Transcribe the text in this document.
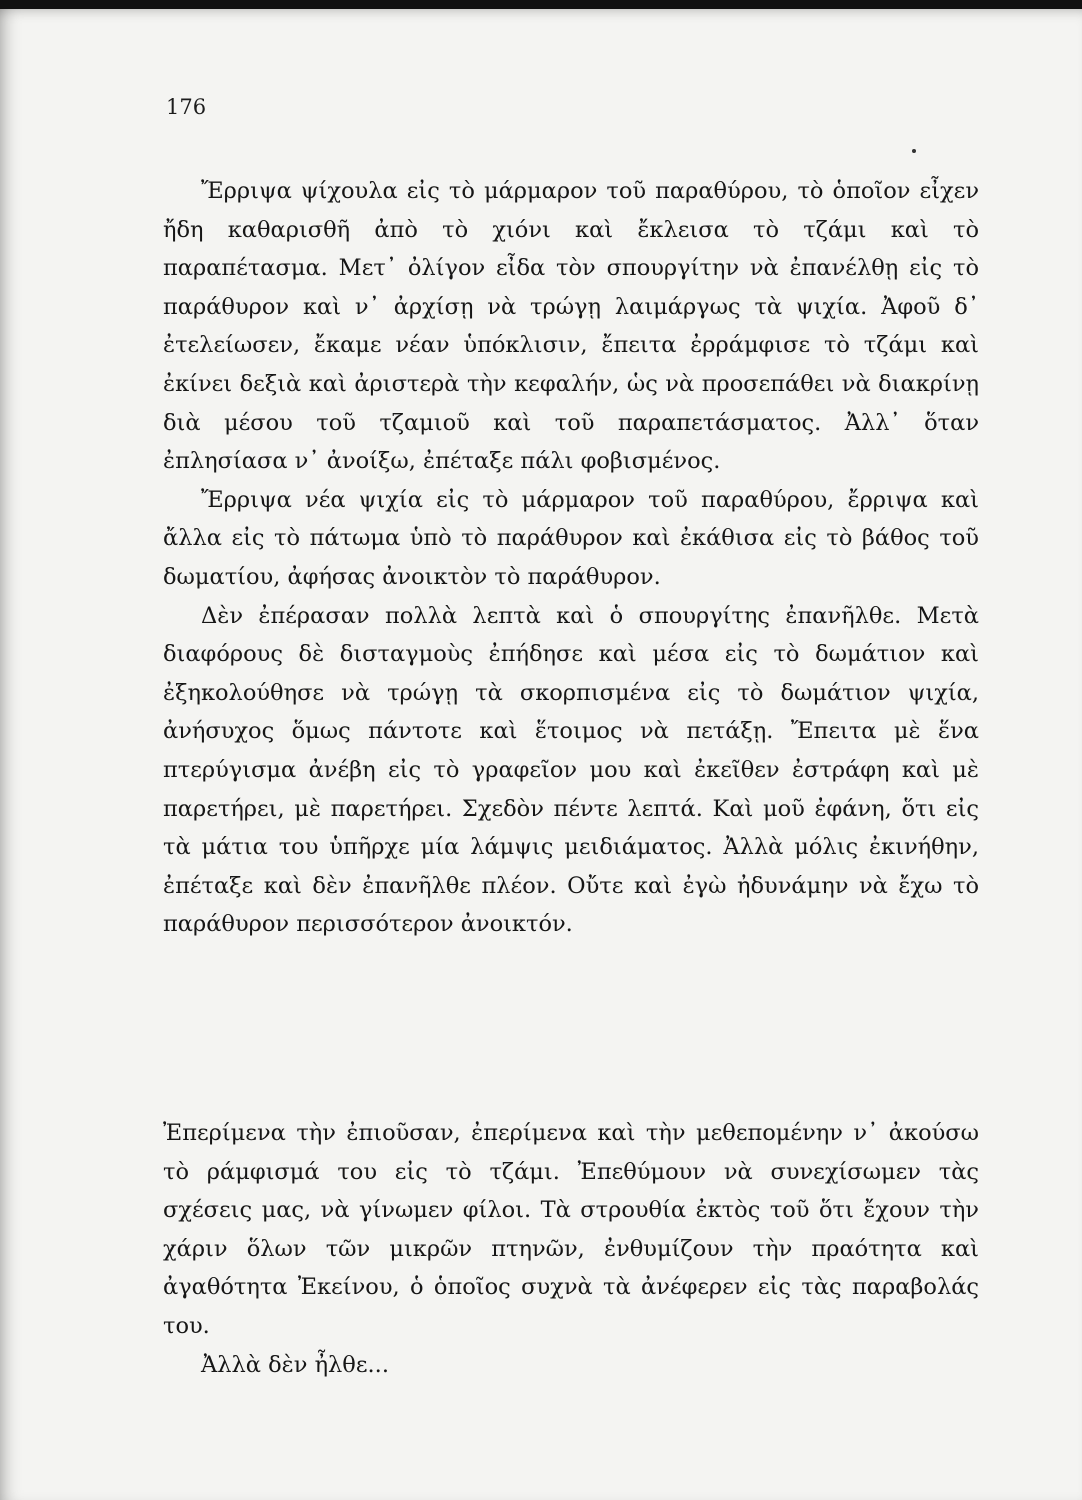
176

Ἔρριψα ψίχουλα εἰς τὸ μάρμαρον τοῦ παραθύρου, τὸ ὁποῖον εἶχεν ἤδη καθαρισθῆ ἀπὸ τὸ χιόνι καὶ ἔκλεισα τὸ τζάμι καὶ τὸ παραπέτασμα. Μετ᾽ ὀλίγον εἶδα τὸν σπουργίτην νὰ ἐπανέλθῃ εἰς τὸ παράθυρον καὶ ν᾽ ἀρχίσῃ νὰ τρώγῃ λαιμάργως τὰ ψιχία. Ἀφοῦ δ᾽ ἐτελείωσεν, ἔκαμε νέαν ὑπόκλισιν, ἔπειτα ἐρράμφισε τὸ τζάμι καὶ ἐκίνει δεξιὰ καὶ ἀριστερὰ τὴν κεφαλήν, ὡς νὰ προσεπάθει νὰ διακρίνῃ διὰ μέσου τοῦ τζαμιοῦ καὶ τοῦ παραπετάσματος. Ἀλλ᾽ ὅταν ἐπλησίασα ν᾽ ἀνοίξω, ἐπέταξε πάλι φοβισμένος.

Ἔρριψα νέα ψιχία εἰς τὸ μάρμαρον τοῦ παραθύρου, ἔρριψα καὶ ἄλλα εἰς τὸ πάτωμα ὑπὸ τὸ παράθυρον καὶ ἐκάθισα εἰς τὸ βάθος τοῦ δωματίου, ἀφήσας ἀνοικτὸν τὸ παράθυρον.

Δὲν ἐπέρασαν πολλὰ λεπτὰ καὶ ὁ σπουργίτης ἐπανῆλθε. Μετὰ διαφόρους δὲ δισταγμοὺς ἐπήδησε καὶ μέσα εἰς τὸ δωμάτιον καὶ ἐξηκολούθησε νὰ τρώγῃ τὰ σκορπισμένα εἰς τὸ δωμάτιον ψιχία, ἀνήσυχος ὅμως πάντοτε καὶ ἕτοιμος νὰ πετάξῃ. Ἔπειτα μὲ ἕνα πτερύγισμα ἀνέβη εἰς τὸ γραφεῖον μου καὶ ἐκεῖθεν ἐστράφη καὶ μὲ παρετήρει, μὲ παρετήρει. Σχεδὸν πέντε λεπτά. Καὶ μοῦ ἐφάνη, ὅτι εἰς τὰ μάτια του ὑπῆρχε μία λάμψις μειδιάματος. Ἀλλὰ μόλις ἐκινήθην, ἐπέταξε καὶ δὲν ἐπανῆλθε πλέον. Οὔτε καὶ ἐγὼ ἠδυνάμην νὰ ἔχω τὸ παράθυρον περισσότερον ἀνοικτόν.

Ἐπερίμενα τὴν ἐπιοῦσαν, ἐπερίμενα καὶ τὴν μεθεπομένην ν᾽ ἀκούσω τὸ ράμφισμά του εἰς τὸ τζάμι. Ἐπεθύμουν νὰ συνεχίσωμεν τὰς σχέσεις μας, νὰ γίνωμεν φίλοι. Τὰ στρουθία ἐκτὸς τοῦ ὅτι ἔχουν τὴν χάριν ὅλων τῶν μικρῶν πτηνῶν, ἐνθυμίζουν τὴν πραότητα καὶ ἀγαθότητα Ἐκείνου, ὁ ὁποῖος συχνὰ τὰ ἀνέφερεν εἰς τὰς παραβολάς του.

Ἀλλὰ δὲν ἦλθε...
